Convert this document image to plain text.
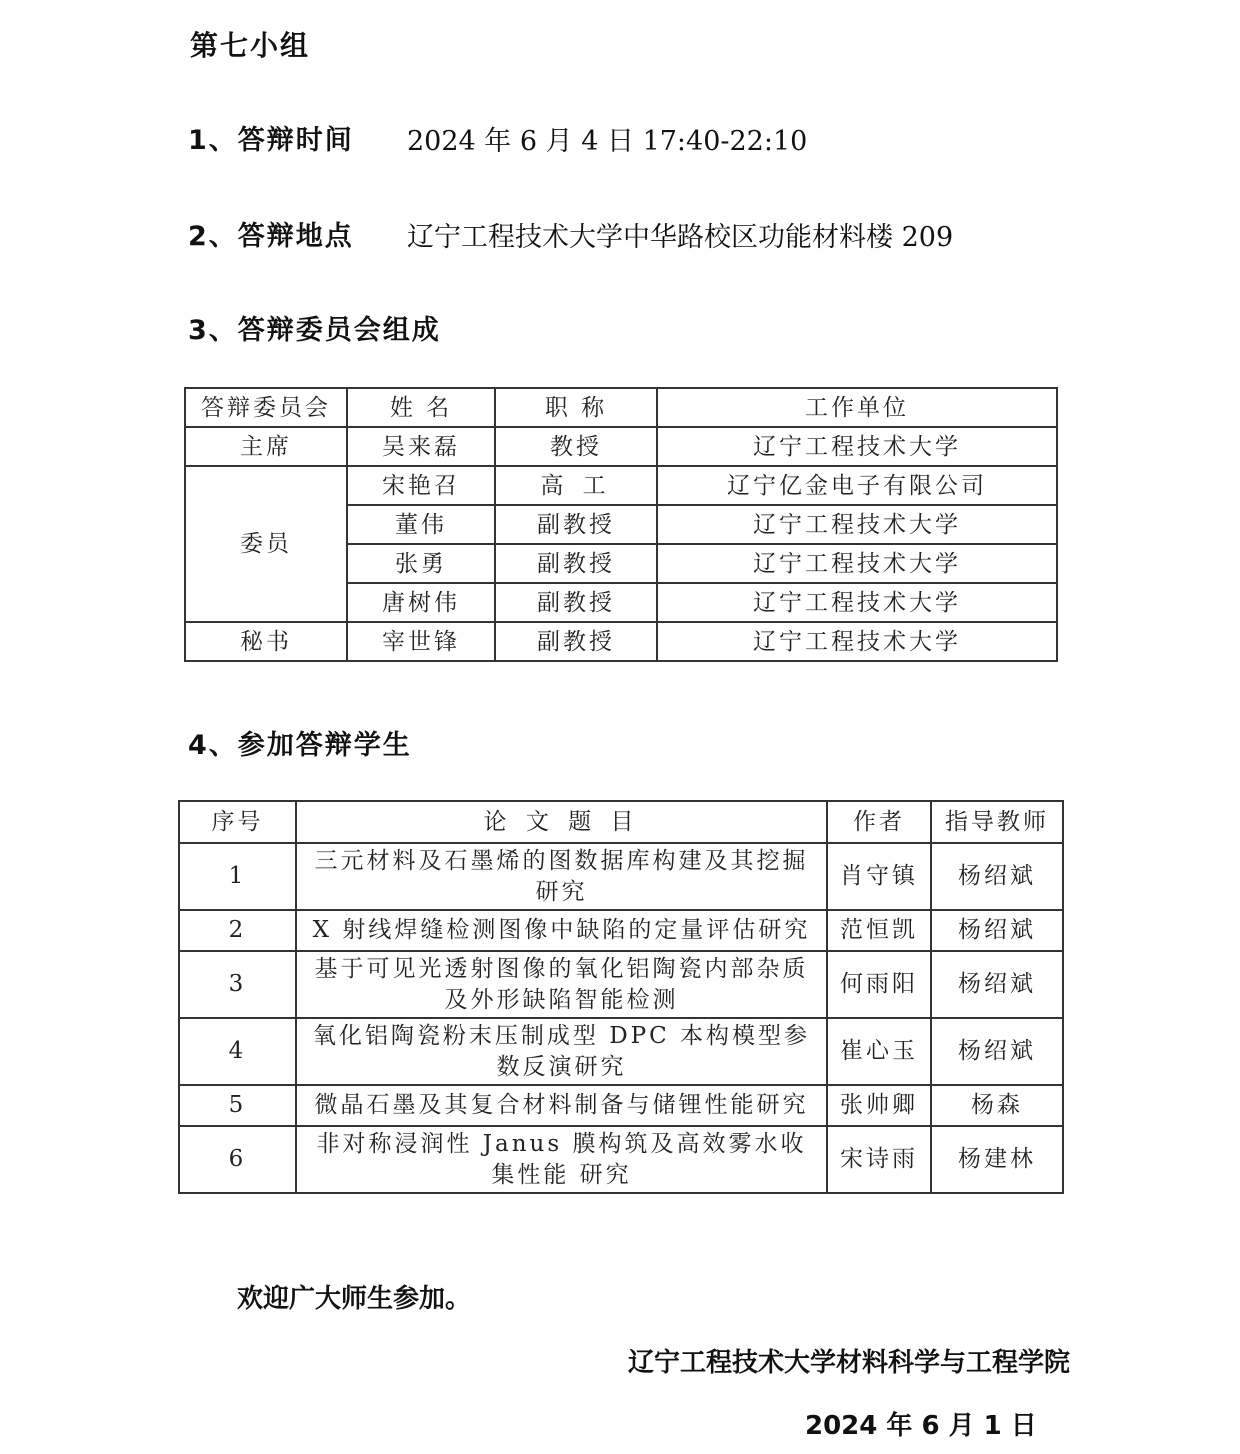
第七小组
1、答辩时间 2024 年 6 月 4 日 17:40-22:10
2、答辩地点 辽宁工程技术大学中华路校区功能材料楼 209
3、答辩委员会组成
答辩委员会	姓 名	职 称	工作单位
主席	吴来磊	教授	辽宁工程技术大学
委员	宋艳召	高 工	辽宁亿金电子有限公司
	董伟	副教授	辽宁工程技术大学
	张勇	副教授	辽宁工程技术大学
	唐树伟	副教授	辽宁工程技术大学
秘书	宰世锋	副教授	辽宁工程技术大学
4、参加答辩学生
序号	论 文 题 目	作者	指导教师
1	三元材料及石墨烯的图数据库构建及其挖掘研究	肖守镇	杨绍斌
2	X 射线焊缝检测图像中缺陷的定量评估研究	范恒凯	杨绍斌
3	基于可见光透射图像的氧化铝陶瓷内部杂质及外形缺陷智能检测	何雨阳	杨绍斌
4	氧化铝陶瓷粉末压制成型 DPC 本构模型参数反演研究	崔心玉	杨绍斌
5	微晶石墨及其复合材料制备与储锂性能研究	张帅卿	杨森
6	非对称浸润性 Janus 膜构筑及高效雾水收集性能 研究	宋诗雨	杨建林
欢迎广大师生参加。
辽宁工程技术大学材料科学与工程学院
2024 年 6 月 1 日
